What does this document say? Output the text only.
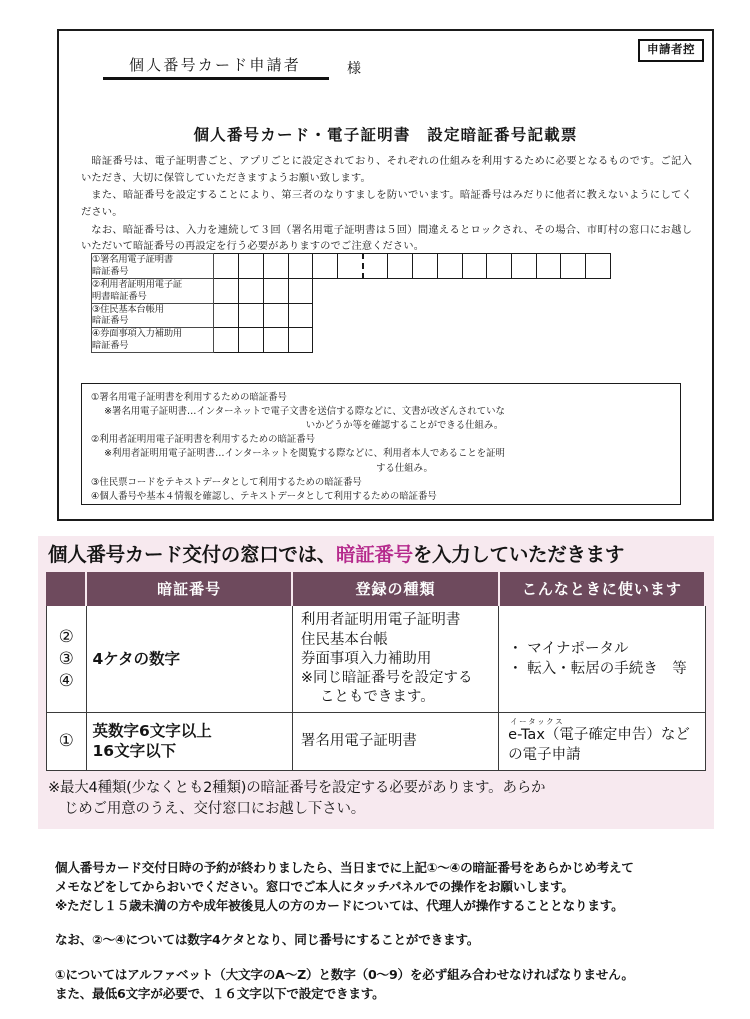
申請者控
個人番号カード申請者	様
個人番号カード・電子証明書　設定暗証番号記載票

暗証番号は、電子証明書ごと、アプリごとに設定されており、それぞれの仕組みを利用するために必要となるものです。ご記入いただき、大切に保管していただきますようお願い致します。

また、暗証番号を設定することにより、第三者のなりすましを防いでいます。暗証番号はみだりに他者に教えないようにしてください。

なお、暗証番号は、入力を連続して３回（署名用電子証明書は５回）間違えるとロックされ、その場合、市町村の窓口にお越しいただいて暗証番号の再設定を行う必要がありますのでご注意ください。

①署名用電子証明書
暗証番号																
②利用者証明用電子証
明書暗証番号																
③住民基本台帳用
暗証番号																
④券面事項入力補助用
暗証番号																

①署名用電子証明書を利用するための暗証番号

※署名用電子証明書…インターネットで電子文書を送信する際などに、文書が改ざんされていな

いかどうか等を確認することができる仕組み。

②利用者証明用電子証明書を利用するための暗証番号

※利用者証明用電子証明書…インターネットを閲覧する際などに、利用者本人であることを証明

する仕組み。

③住民票コードをテキストデータとして利用するための暗証番号

④個人番号や基本４情報を確認し、テキストデータとして利用するための暗証番号

個人番号カード交付の窓口では、暗証番号を入力していただきます
	暗証番号	登録の種類	こんなときに使います
②
③
④	4ケタの数字	利用者証明用電子証明書
住民基本台帳
券面事項入力補助用
※同じ暗証番号を設定する
　 こともできます。	・ マイナポータル
・ 転入・転居の手続き　等
①	英数字6文字以上
16文字以下	署名用電子証明書	イータックス
e-Tax（電子確定申告）など
の電子申請
※最大4種類(少なくとも2種類)の暗証番号を設定する必要があります。あらか
じめご用意のうえ、交付窓口にお越し下さい。

個人番号カード交付日時の予約が終わりましたら、当日までに上記①～④の暗証番号をあらかじめ考えて

メモなどをしてからおいでください。窓口でご本人にタッチパネルでの操作をお願いします。

※ただし１５歳未満の方や成年被後見人の方のカードについては、代理人が操作することとなります。

なお、②～④については数字4ケタとなり、同じ番号にすることができます。

①についてはアルファベット（大文字のA～Z）と数字（0～9）を必ず組み合わせなければなりません。

また、最低6文字が必要で、１６文字以下で設定できます。
